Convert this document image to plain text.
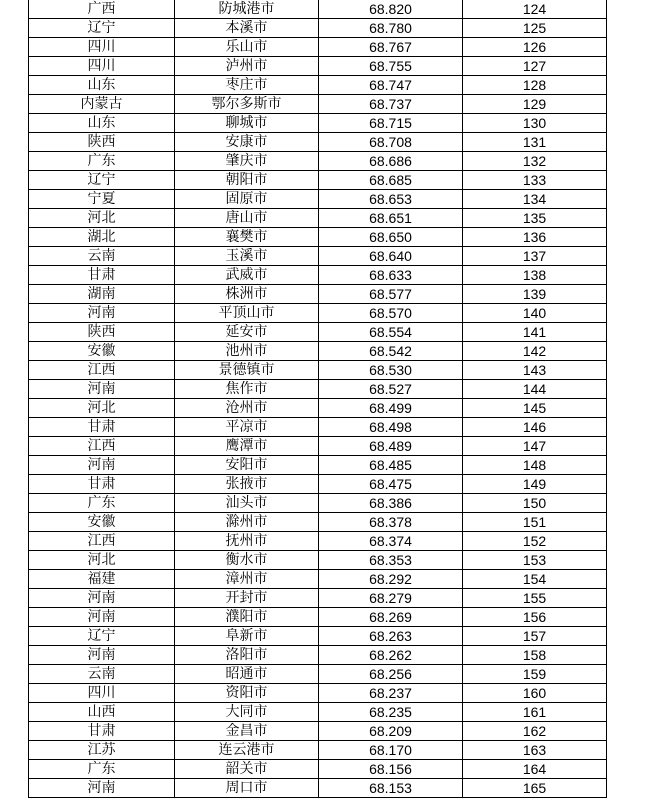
广西	防城港市	68.820	124
辽宁	本溪市	68.780	125
四川	乐山市	68.767	126
四川	泸州市	68.755	127
山东	枣庄市	68.747	128
内蒙古	鄂尔多斯市	68.737	129
山东	聊城市	68.715	130
陕西	安康市	68.708	131
广东	肇庆市	68.686	132
辽宁	朝阳市	68.685	133
宁夏	固原市	68.653	134
河北	唐山市	68.651	135
湖北	襄樊市	68.650	136
云南	玉溪市	68.640	137
甘肃	武威市	68.633	138
湖南	株洲市	68.577	139
河南	平顶山市	68.570	140
陕西	延安市	68.554	141
安徽	池州市	68.542	142
江西	景德镇市	68.530	143
河南	焦作市	68.527	144
河北	沧州市	68.499	145
甘肃	平凉市	68.498	146
江西	鹰潭市	68.489	147
河南	安阳市	68.485	148
甘肃	张掖市	68.475	149
广东	汕头市	68.386	150
安徽	滁州市	68.378	151
江西	抚州市	68.374	152
河北	衡水市	68.353	153
福建	漳州市	68.292	154
河南	开封市	68.279	155
河南	濮阳市	68.269	156
辽宁	阜新市	68.263	157
河南	洛阳市	68.262	158
云南	昭通市	68.256	159
四川	资阳市	68.237	160
山西	大同市	68.235	161
甘肃	金昌市	68.209	162
江苏	连云港市	68.170	163
广东	韶关市	68.156	164
河南	周口市	68.153	165
